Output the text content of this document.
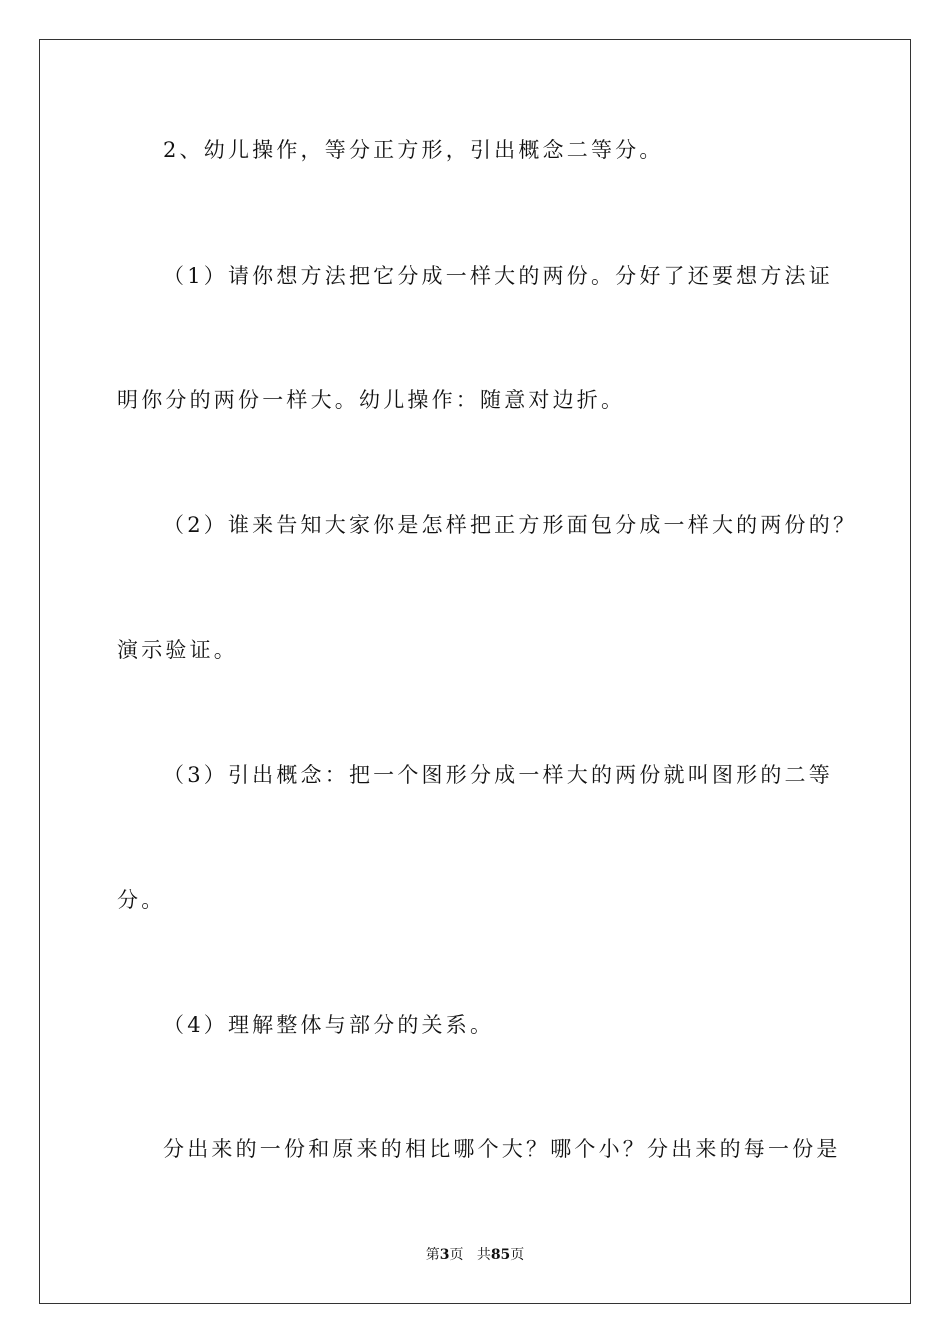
2、幼儿操作，等分正方形，引出概念二等分。
（1）请你想方法把它分成一样大的两份。分好了还要想方法证
明你分的两份一样大。幼儿操作：随意对边折。
（2）谁来告知大家你是怎样把正方形面包分成一样大的两份的？
演示验证。
（3）引出概念：把一个图形分成一样大的两份就叫图形的二等
分。
（4）理解整体与部分的关系。
分出来的一份和原来的相比哪个大？哪个小？分出来的每一份是
第3页 共85页
